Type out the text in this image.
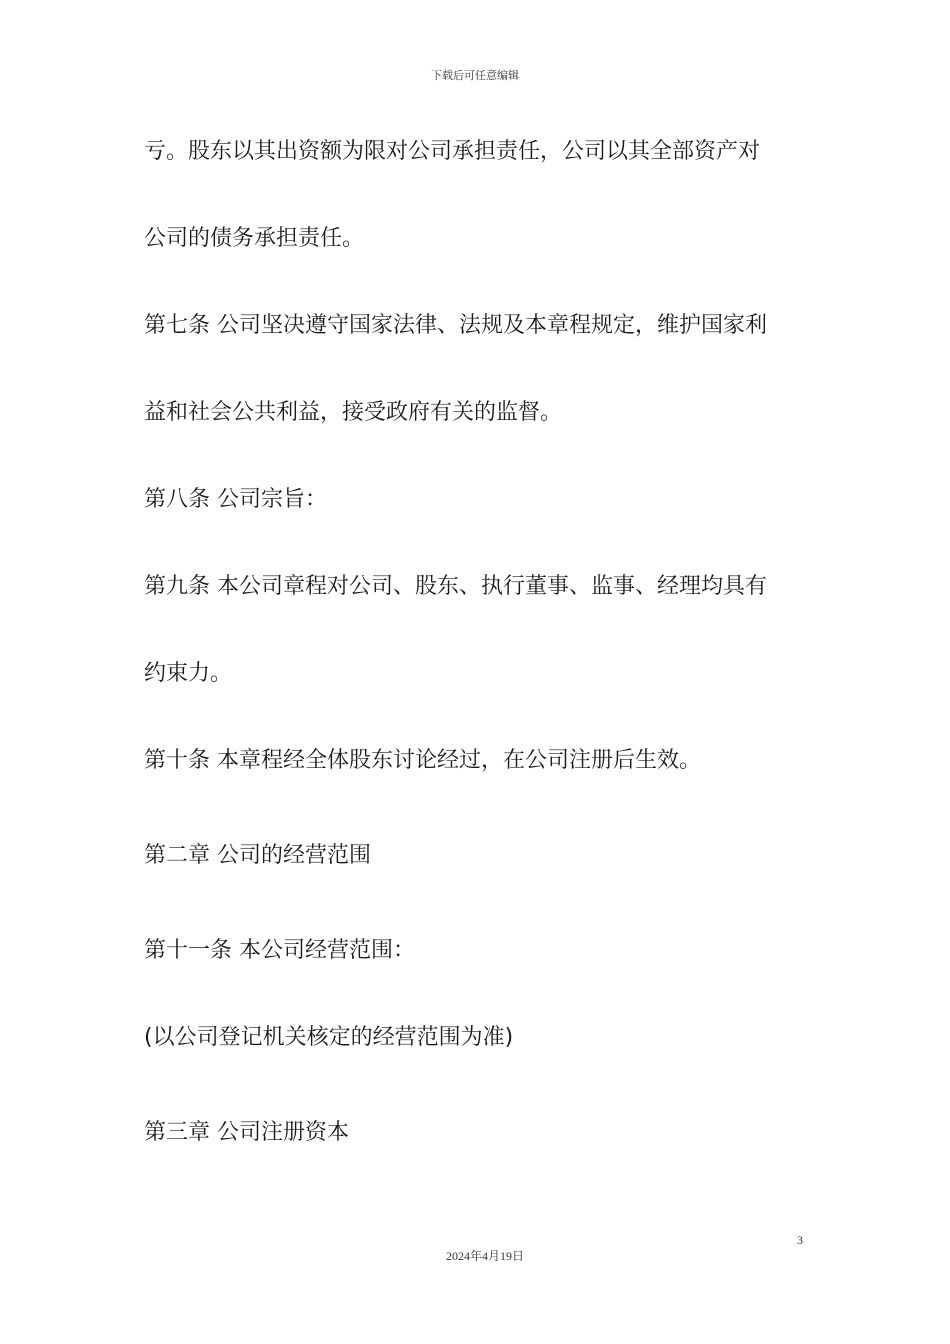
下载后可任意编辑
亏。股东以其出资额为限对公司承担责任，公司以其全部资产对
公司的债务承担责任。
第七条 公司坚决遵守国家法律、法规及本章程规定，维护国家利
益和社会公共利益，接受政府有关的监督。
第八条 公司宗旨：
第九条 本公司章程对公司、股东、执行董事、监事、经理均具有
约束力。
第十条 本章程经全体股东讨论经过，在公司注册后生效。
第二章 公司的经营范围
第十一条 本公司经营范围：
(以公司登记机关核定的经营范围为准)
第三章 公司注册资本
3
2024年4月19日
